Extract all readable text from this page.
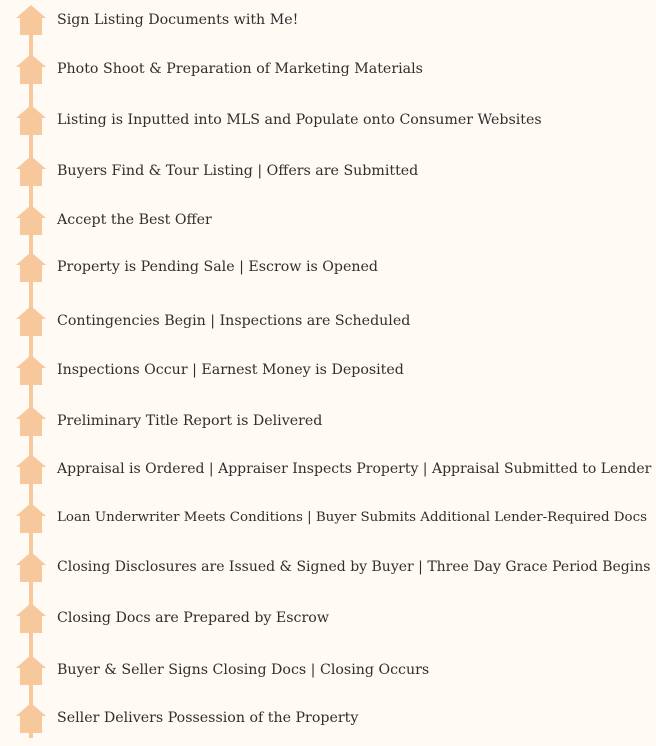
Sign Listing Documents with Me!
Photo Shoot & Preparation of Marketing Materials
Listing is Inputted into MLS and Populate onto Consumer Websites
Buyers Find & Tour Listing | Offers are Submitted
Accept the Best Offer
Property is Pending Sale | Escrow is Opened
Contingencies Begin | Inspections are Scheduled
Inspections Occur | Earnest Money is Deposited
Preliminary Title Report is Delivered
Appraisal is Ordered | Appraiser Inspects Property | Appraisal Submitted to Lender
Loan Underwriter Meets Conditions | Buyer Submits Additional Lender-Required Docs
Closing Disclosures are Issued & Signed by Buyer | Three Day Grace Period Begins
Closing Docs are Prepared by Escrow
Buyer & Seller Signs Closing Docs | Closing Occurs
Seller Delivers Possession of the Property
